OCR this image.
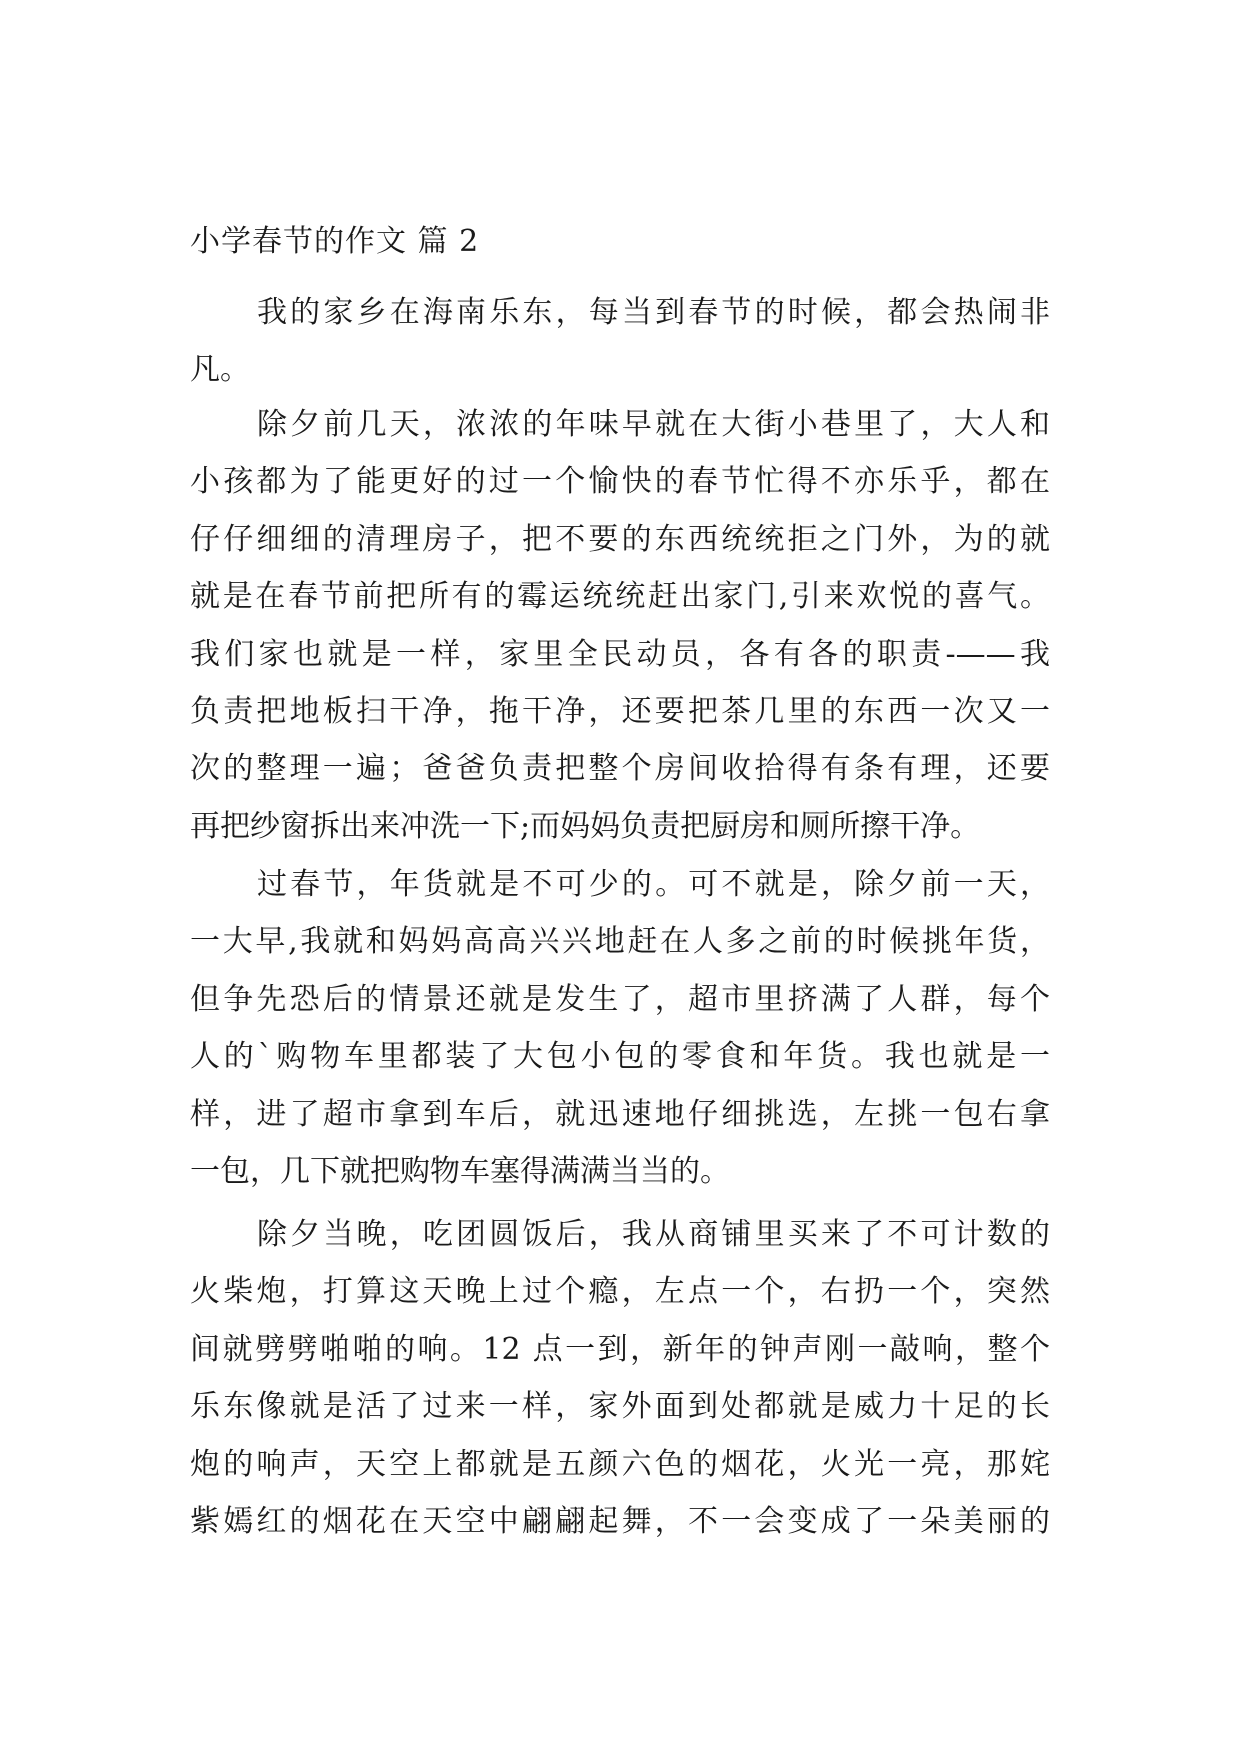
小学春节的作文 篇 2
我的家乡在海南乐东，每当到春节的时候，都会热闹非
凡。
除夕前几天，浓浓的年味早就在大街小巷里了，大人和
小孩都为了能更好的过一个愉快的春节忙得不亦乐乎，都在
仔仔细细的清理房子，把不要的东西统统拒之门外，为的就
就是在春节前把所有的霉运统统赶出家门,引来欢悦的喜气。
我们家也就是一样，家里全民动员，各有各的职责-——我
负责把地板扫干净，拖干净，还要把茶几里的东西一次又一
次的整理一遍；爸爸负责把整个房间收拾得有条有理，还要
再把纱窗拆出来冲洗一下;而妈妈负责把厨房和厕所擦干净。
过春节，年货就是不可少的。可不就是，除夕前一天，
一大早,我就和妈妈高高兴兴地赶在人多之前的时候挑年货，
但争先恐后的情景还就是发生了，超市里挤满了人群，每个
人的`购物车里都装了大包小包的零食和年货。我也就是一
样，进了超市拿到车后，就迅速地仔细挑选，左挑一包右拿
一包，几下就把购物车塞得满满当当的。
除夕当晚，吃团圆饭后，我从商铺里买来了不可计数的
火柴炮，打算这天晚上过个瘾，左点一个，右扔一个，突然
间就劈劈啪啪的响。12 点一到，新年的钟声刚一敲响，整个
乐东像就是活了过来一样，家外面到处都就是威力十足的长
炮的响声，天空上都就是五颜六色的烟花，火光一亮，那姹
紫嫣红的烟花在天空中翩翩起舞，不一会变成了一朵美丽的
